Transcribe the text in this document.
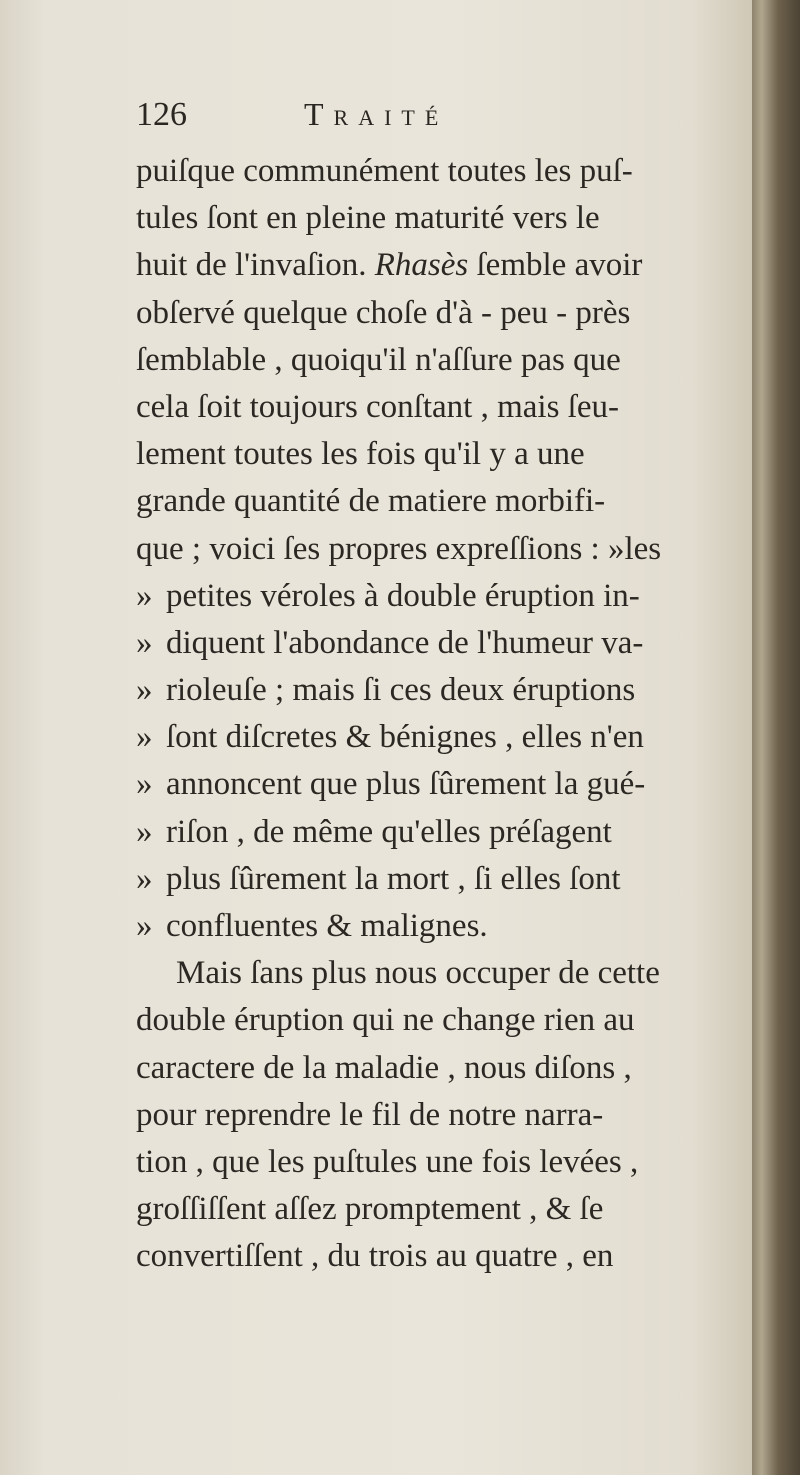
126	Traité
puiſque communément toutes les puſ-
tules ſont en pleine maturité vers le
huit de l'invaſion. Rhasès ſemble avoir
obſervé quelque choſe d'à - peu - près
ſemblable , quoiqu'il n'aſſure pas que
cela ſoit toujours conſtant , mais ſeu-
lement toutes les fois qu'il y a une
grande quantité de matiere morbifi-
que ; voici ſes propres expreſſions : »les
» petites véroles à double éruption in-
» diquent l'abondance de l'humeur va-
» rioleuſe ; mais ſi ces deux éruptions
» ſont diſcretes & bénignes , elles n'en
» annoncent que plus ſûrement la gué-
» riſon , de même qu'elles préſagent
» plus ſûrement la mort , ſi elles ſont
» confluentes & malignes.
Mais ſans plus nous occuper de cette
double éruption qui ne change rien au
caractere de la maladie , nous diſons ,
pour reprendre le fil de notre narra-
tion , que les puſtules une fois levées ,
groſſiſſent aſſez promptement , & ſe
convertiſſent , du trois au quatre , en
